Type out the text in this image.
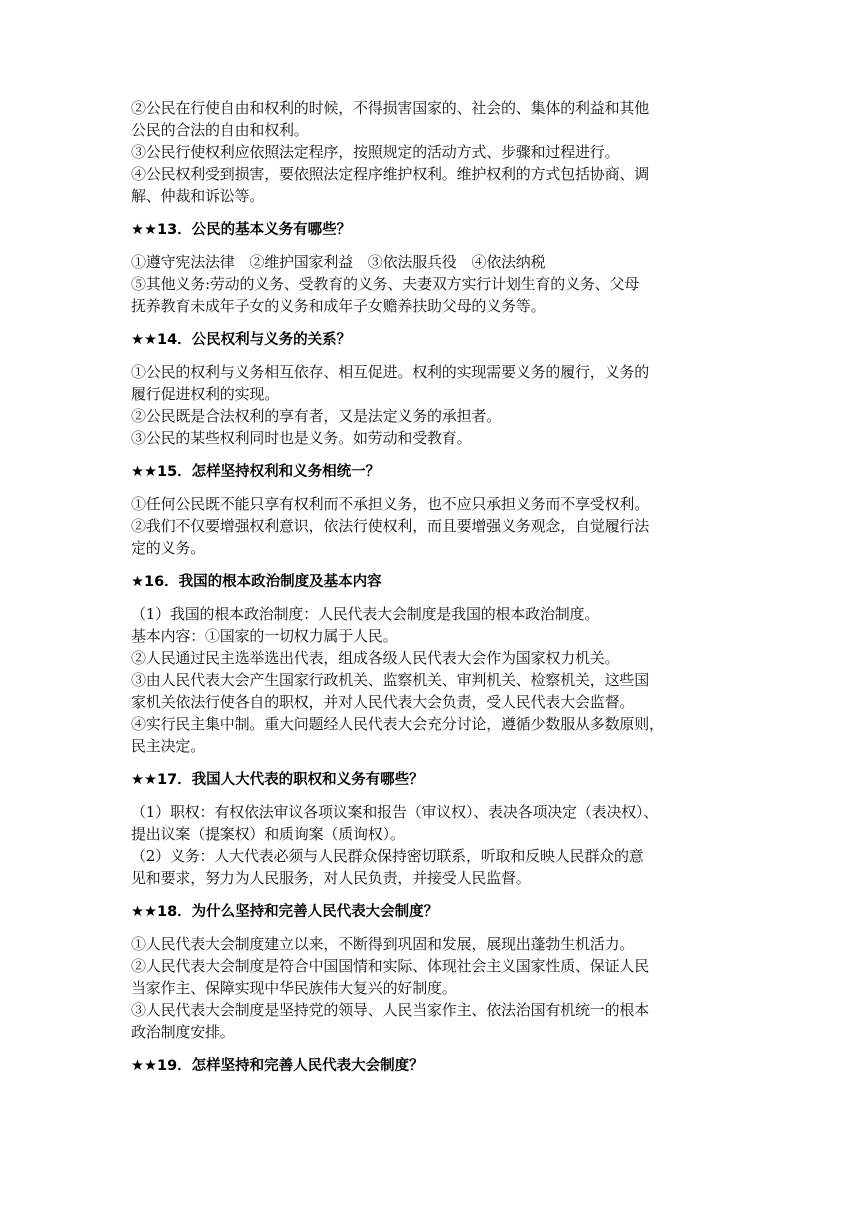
②公民在行使自由和权利的时候，不得损害国家的、社会的、集体的利益和其他
公民的合法的自由和权利。
③公民行使权利应依照法定程序，按照规定的活动方式、步骤和过程进行。
④公民权利受到损害，要依照法定程序维护权利。维护权利的方式包括协商、调
解、仲裁和诉讼等。
★★13．公民的基本义务有哪些？
①遵守宪法法律　②维护国家利益　③依法服兵役　④依法纳税
⑤其他义务:劳动的义务、受教育的义务、夫妻双方实行计划生育的义务、父母
抚养教育未成年子女的义务和成年子女赡养扶助父母的义务等。
★★14．公民权利与义务的关系？
①公民的权利与义务相互依存、相互促进。权利的实现需要义务的履行，义务的
履行促进权利的实现。
②公民既是合法权利的享有者，又是法定义务的承担者。
③公民的某些权利同时也是义务。如劳动和受教育。
★★15．怎样坚持权利和义务相统一？
①任何公民既不能只享有权利而不承担义务，也不应只承担义务而不享受权利。
②我们不仅要增强权利意识，依法行使权利，而且要增强义务观念，自觉履行法
定的义务。
★16．我国的根本政治制度及基本内容
（1）我国的根本政治制度：人民代表大会制度是我国的根本政治制度。
基本内容：①国家的一切权力属于人民。
②人民通过民主选举选出代表，组成各级人民代表大会作为国家权力机关。
③由人民代表大会产生国家行政机关、监察机关、审判机关、检察机关，这些国
家机关依法行使各自的职权，并对人民代表大会负责，受人民代表大会监督。
④实行民主集中制。重大问题经人民代表大会充分讨论，遵循少数服从多数原则，
民主决定。
★★17．我国人大代表的职权和义务有哪些？
（1）职权：有权依法审议各项议案和报告（审议权）、表决各项决定（表决权）、
提出议案（提案权）和质询案（质询权）。
（2）义务：人大代表必须与人民群众保持密切联系，听取和反映人民群众的意
见和要求，努力为人民服务，对人民负责，并接受人民监督。
★★18．为什么坚持和完善人民代表大会制度？
①人民代表大会制度建立以来，不断得到巩固和发展，展现出蓬勃生机活力。
②人民代表大会制度是符合中国国情和实际、体现社会主义国家性质、保证人民
当家作主、保障实现中华民族伟大复兴的好制度。
③人民代表大会制度是坚持党的领导、人民当家作主、依法治国有机统一的根本
政治制度安排。
★★19．怎样坚持和完善人民代表大会制度？
